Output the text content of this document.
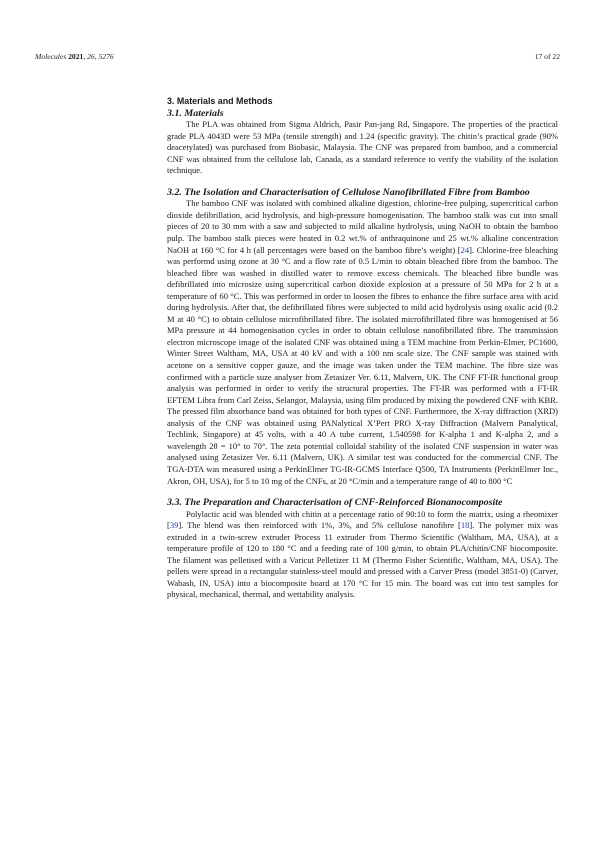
Molecules 2021, 26, 5276	17 of 22
3. Materials and Methods
3.1. Materials

The PLA was obtained from Sigma Aldrich, Pasir Pan-jang Rd, Singapore. The properties of the practical grade PLA 4043D were 53 MPa (tensile strength) and 1.24 (specific gravity). The chitin’s practical grade (90% deacetylated) was purchased from Biobasic, Malaysia. The CNF was prepared from bamboo, and a commercial CNF was obtained from the cellulose lab, Canada, as a standard reference to verify the viability of the isolation technique.

3.2. The Isolation and Characterisation of Cellulose Nanofibrillated Fibre from Bamboo

The bamboo CNF was isolated with combined alkaline digestion, chlorine-free pulping, supercritical carbon dioxide defibrillation, acid hydrolysis, and high-pressure homogenisation. The bamboo stalk was cut into small pieces of 20 to 30 mm with a saw and subjected to mild alkaline hydrolysis, using NaOH to obtain the bamboo pulp. The bamboo stalk pieces were heated in 0.2 wt.% of anthraquinone and 25 wt.% alkaline concentration NaOH at 160 °C for 4 h (all percentages were based on the bamboo fibre’s weight) [24]. Chlorine-free bleaching was performd using ozone at 30 °C and a flow rate of 0.5 L/min to obtain bleached fibre from the bamboo. The bleached fibre was washed in distilled water to remove excess chemicals. The bleached fibre bundle was defibrillated into microsize using supercritical carbon dioxide explosion at a pressure of 50 MPa for 2 h at a temperature of 60 °C. This was performed in order to loosen the fibres to enhance the fibre surface area with acid during hydrolysis. After that, the defibrillated fibres were subjected to mild acid hydrolysis using oxalic acid (0.2 M at 40 °C) to obtain cellulose microfibrillated fibre. The isolated microfibrillated fibre was homogenised at 56 MPa pressure at 44 homogenisation cycles in order to obtain cellulose nanofibrillated fibre. The transmission electron microscope image of the isolated CNF was obtained using a TEM machine from Perkin-Elmer, PC1600, Winter Street Waltham, MA, USA at 40 kV and with a 100 nm scale size. The CNF sample was stained with acetone on a sensitive copper gauze, and the image was taken under the TEM machine. The fibre size was confirmed with a particle suze analyser from Zetasizer Ver. 6.11, Malvern, UK. The CNF FT-IR functional group analysis was performed in order to verify the structural properties. The FT-IR was performed with a FT-IR EFTEM Libra from Carl Zeiss, Selangor, Malaysia, using film produced by mixing the powdered CNF with KBR. The pressed film absorbance band was obtained for both types of CNF. Furthermore, the X-ray diffraction (XRD) analysis of the CNF was obtained using PANalytical X’Pert PRO X-ray Diffraction (Malvern Panalytical, Techlink, Singapore) at 45 volts, with a 40 A tube current, 1.540598 for K-alpha 1 and K-alpha 2, and a wavelength 2θ = 10° to 70°. The zeta potential colloidal stability of the isolated CNF suspension in water was analysed using Zetasizer Ver. 6.11 (Malvern, UK). A similar test was conducted for the commercial CNF. The TGA-DTA was measured using a PerkinElmer TG-IR-GCMS Interface Q500, TA Instruments (PerkinElmer Inc., Akron, OH, USA), for 5 to 10 mg of the CNFs, at 20 °C/min and a temperature range of 40 to 800 °C

3.3. The Preparation and Characterisation of CNF-Reinforced Bionanocomposite

Polylactic acid was blended with chitin at a percentage ratio of 90:10 to form the matrix, using a rheomixer [39]. The blend was then reinforced with 1%, 3%, and 5% cellulose nanofibre [18]. The polymer mix was extruded in a twin-screw extruder Process 11 extruder from Thermo Scientific (Waltham, MA, USA), at a temperature profile of 120 to 180 °C and a feeding rate of 100 g/min, to obtain PLA/chitin/CNF biocomposite. The filament was pelletised with a Varicut Pelletizer 11 M (Thermo Fisher Scientific, Waltham, MA, USA). The pellets were spread in a rectangular stainless-steel mould and pressed with a Carver Press (model 3851-0) (Carver, Wabash, IN, USA) into a biocomposite board at 170 °C for 15 min. The board was cut into test samples for physical, mechanical, thermal, and wettability analysis.
